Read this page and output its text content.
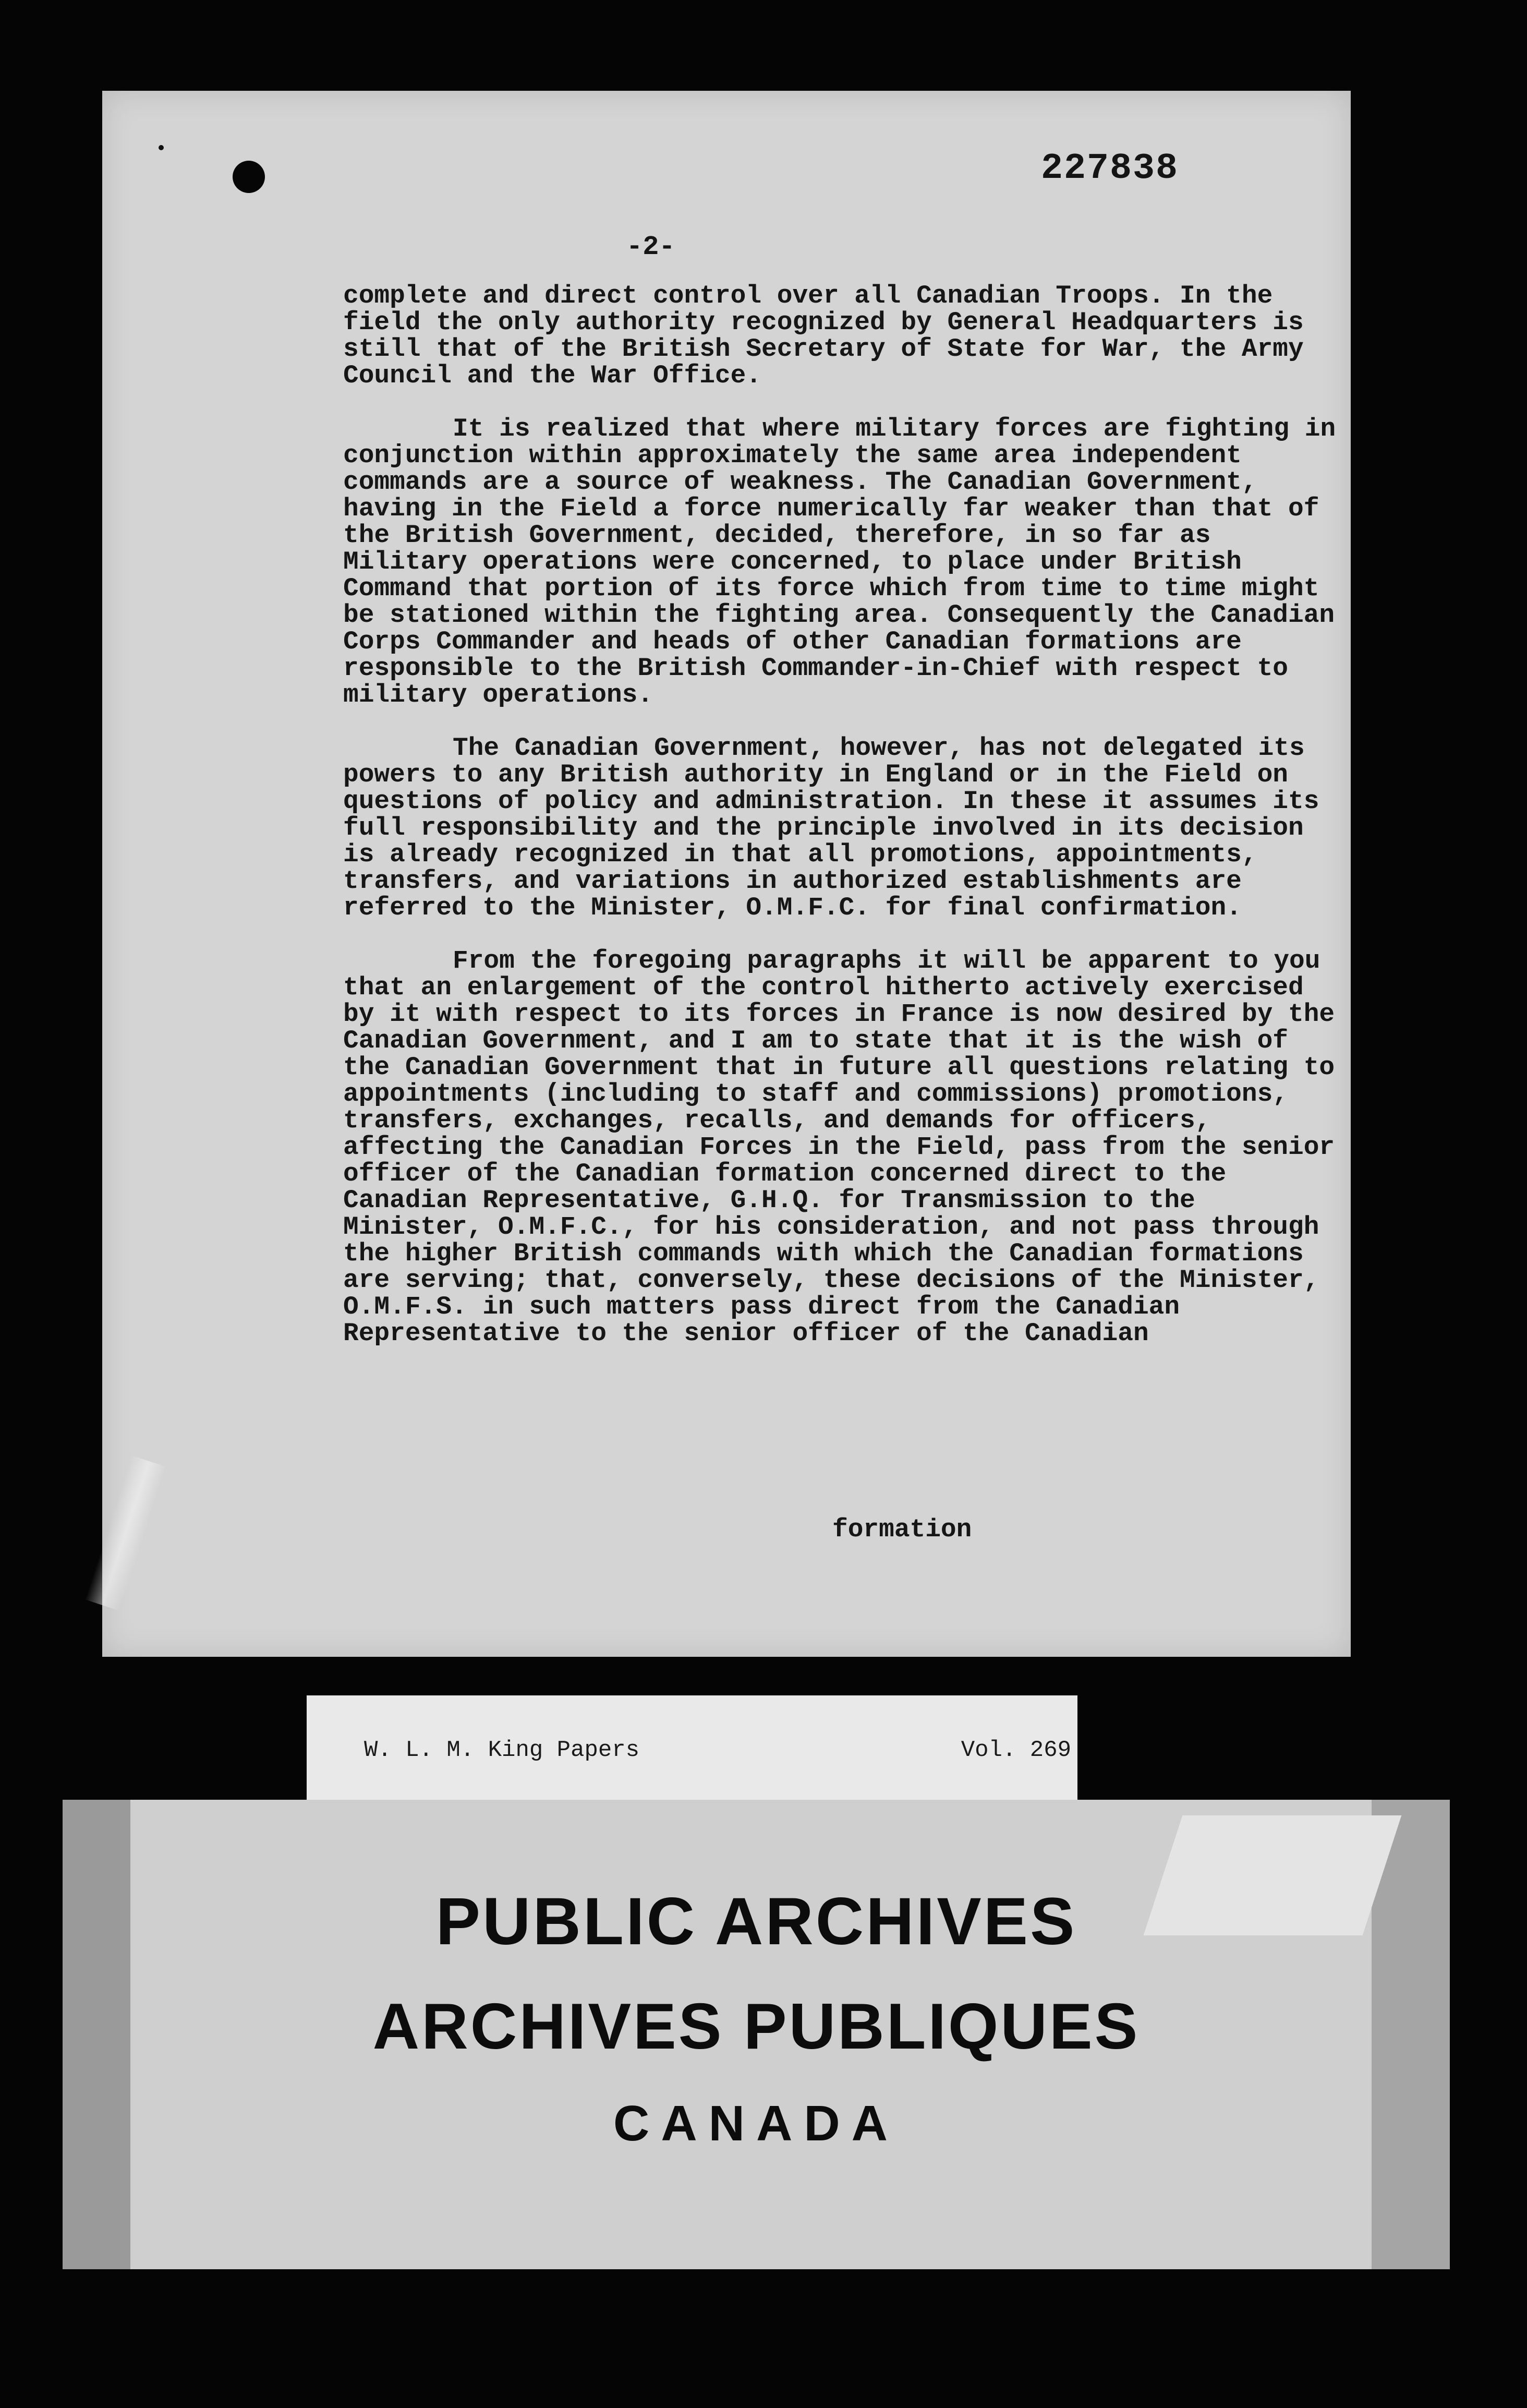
227838
-2-

complete and direct control over all Canadian Troops. In the field the only authority recognized by General Headquarters is still that of the British Secretary of State for War, the Army Council and the War Office.

It is realized that where military forces are fighting in conjunction within approximately the same area independent commands are a source of weakness. The Canadian Government, having in the Field a force numerically far weaker than that of the British Government, decided, therefore, in so far as Military operations were concerned, to place under British Command that portion of its force which from time to time might be stationed within the fighting area. Consequently the Canadian Corps Commander and heads of other Canadian formations are responsible to the British Commander-in-Chief with respect to military operations.

The Canadian Government, however, has not delegated its powers to any British authority in England or in the Field on questions of policy and administration. In these it assumes its full responsibility and the principle involved in its decision is already recognized in that all promotions, appointments, transfers, and variations in authorized establishments are referred to the Minister, O.M.F.C. for final confirmation.

From the foregoing paragraphs it will be apparent to you that an enlargement of the control hitherto actively exercised by it with respect to its forces in France is now desired by the Canadian Government, and I am to state that it is the wish of the Canadian Government that in future all questions relating to appointments (including to staff and commissions) promotions, transfers, exchanges, recalls, and demands for officers, affecting the Canadian Forces in the Field, pass from the senior officer of the Canadian formation concerned direct to the Canadian Representative, G.H.Q. for Transmission to the Minister, O.M.F.C., for his consideration, and not pass through the higher British commands with which the Canadian formations are serving; that, conversely, these decisions of the Minister, O.M.F.S. in such matters pass direct from the Canadian Representative to the senior officer of the Canadian

formation
W. L. M. King Papers	Vol. 269

PUBLIC ARCHIVES

ARCHIVES PUBLIQUES

CANADA
